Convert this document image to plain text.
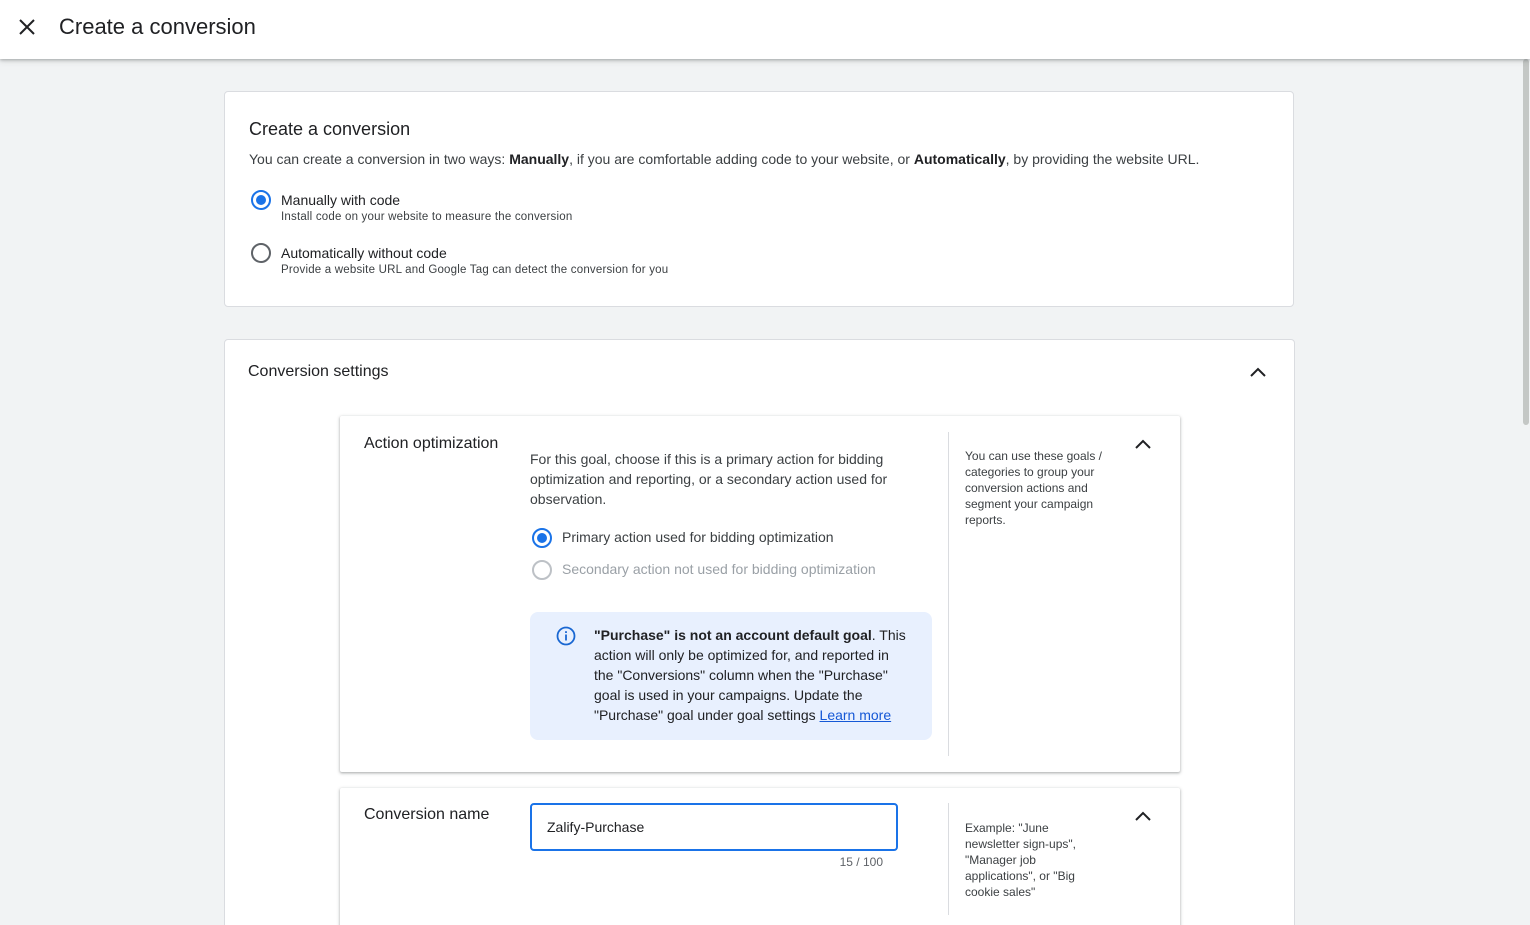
Create a conversion
Create a conversion
You can create a conversion in two ways: Manually, if you are comfortable adding code to your website, or Automatically, by providing the website URL.
Manually with code
Install code on your website to measure the conversion
Automatically without code
Provide a website URL and Google Tag can detect the conversion for you
Conversion settings
Action optimization
For this goal, choose if this is a primary action for bidding optimization and reporting, or a secondary action used for observation.
Primary action used for bidding optimization
Secondary action not used for bidding optimization
"Purchase" is not an account default goal. This action will only be optimized for, and reported in the "Conversions" column when the "Purchase" goal is used in your campaigns. Update the "Purchase" goal under goal settings Learn more
You can use these goals / categories to group your conversion actions and segment your campaign reports.
Conversion name
Zalify-Purchase
15 / 100
Example: "June newsletter sign-ups", "Manager job applications", or "Big cookie sales"
